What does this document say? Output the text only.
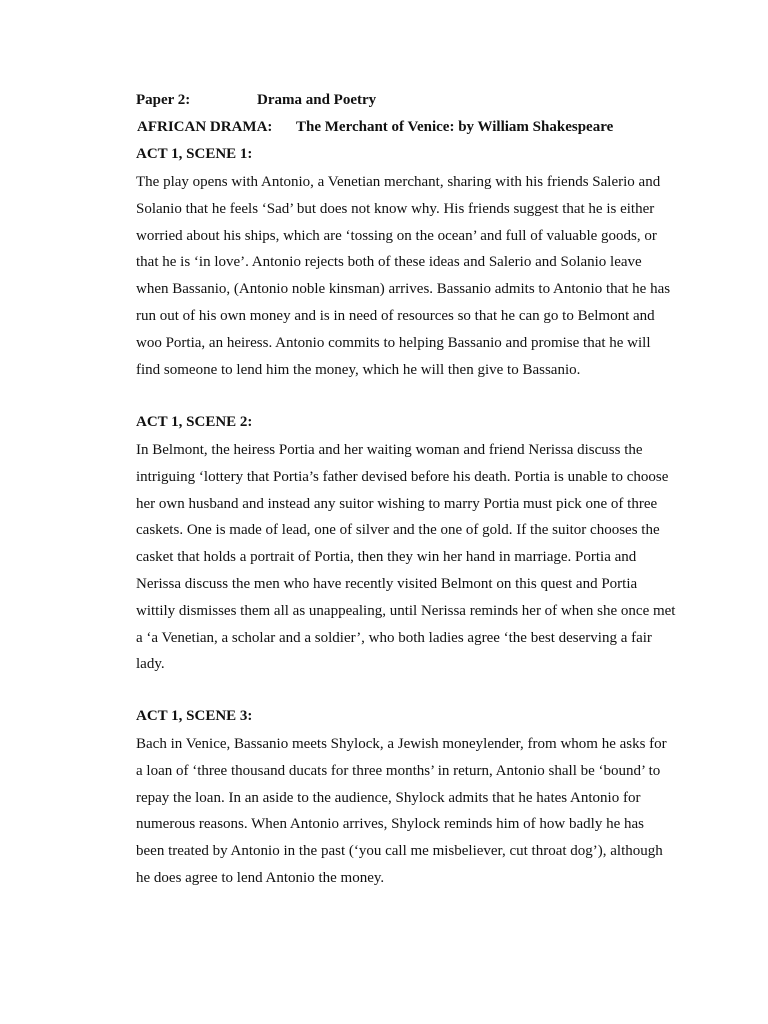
Paper 2:	Drama and Poetry
AFRICAN DRAMA: The Merchant of Venice: by William Shakespeare
ACT 1, SCENE 1:
The play opens with Antonio, a Venetian merchant, sharing with his friends Salerio and
Solanio that he feels ‘Sad’ but does not know why. His friends suggest that he is either
worried about his ships, which are ‘tossing on the ocean’ and full of valuable goods, or
that he is ‘in love’. Antonio rejects both of these ideas and Salerio and Solanio leave
when Bassanio, (Antonio noble kinsman) arrives. Bassanio admits to Antonio that he has
run out of his own money and is in need of resources so that he can go to Belmont and
woo Portia, an heiress. Antonio commits to helping Bassanio and promise that he will
find someone to lend him the money, which he will then give to Bassanio.
ACT 1, SCENE 2:
In Belmont, the heiress Portia and her waiting woman and friend Nerissa discuss the
intriguing ‘lottery that Portia’s father devised before his death. Portia is unable to choose
her own husband and instead any suitor wishing to marry Portia must pick one of three
caskets. One is made of lead, one of silver and the one of gold. If the suitor chooses the
casket that holds a portrait of Portia, then they win her hand in marriage. Portia and
Nerissa discuss the men who have recently visited Belmont on this quest and Portia
wittily dismisses them all as unappealing, until Nerissa reminds her of when she once met
a ‘a Venetian, a scholar and a soldier’, who both ladies agree ‘the best deserving a fair
lady.
ACT 1, SCENE 3:
Bach in Venice, Bassanio meets Shylock, a Jewish moneylender, from whom he asks for
a loan of ‘three thousand ducats for three months’ in return, Antonio shall be ‘bound’ to
repay the loan. In an aside to the audience, Shylock admits that he hates Antonio for
numerous reasons. When Antonio arrives, Shylock reminds him of how badly he has
been treated by Antonio in the past (‘you call me misbeliever, cut throat dog’), although
he does agree to lend Antonio the money.
